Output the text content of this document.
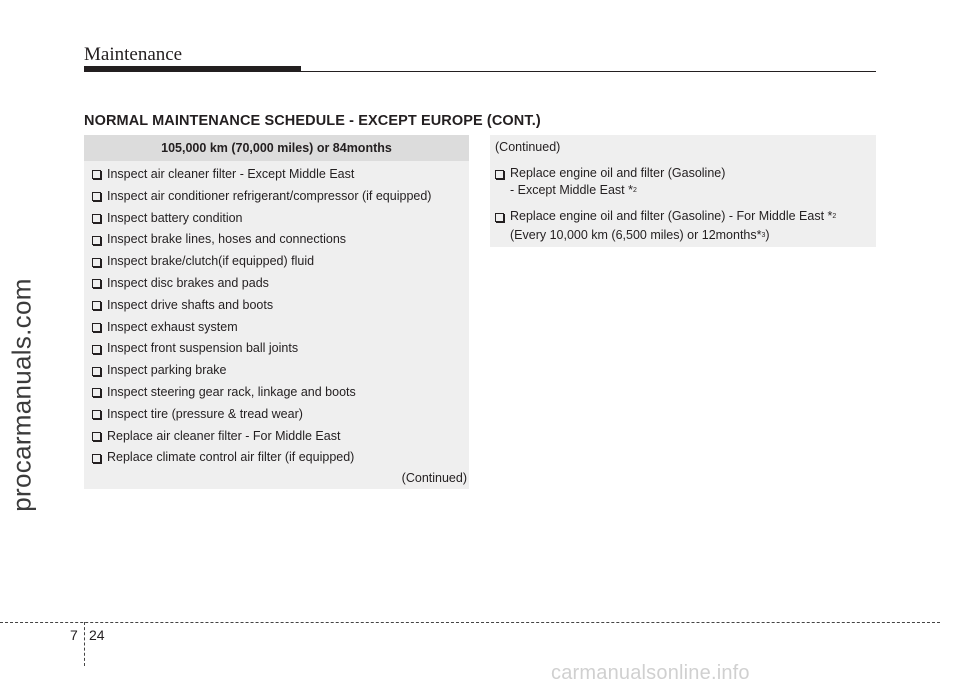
Maintenance
NORMAL MAINTENANCE SCHEDULE - EXCEPT EUROPE (CONT.)
105,000 km (70,000 miles) or 84months
Inspect air cleaner filter - Except Middle East
Inspect air conditioner refrigerant/compressor (if equipped)
Inspect battery condition
Inspect brake lines, hoses and connections
Inspect brake/clutch(if equipped) fluid
Inspect disc brakes and pads
Inspect drive shafts and boots
Inspect exhaust system
Inspect front suspension ball joints
Inspect parking brake
Inspect steering gear rack, linkage and boots
Inspect tire (pressure & tread wear)
Replace air cleaner filter - For Middle East
Replace climate control air filter (if equipped)
(Continued)
(Continued)
Replace engine oil and filter (Gasoline)
- Except Middle East *$^2$
Replace engine oil and filter (Gasoline) - For Middle East *$^2$
(Every 10,000 km (6,500 miles) or 12months*$^3$)
procarmanuals.com
7 24
carmanualsonline.info
